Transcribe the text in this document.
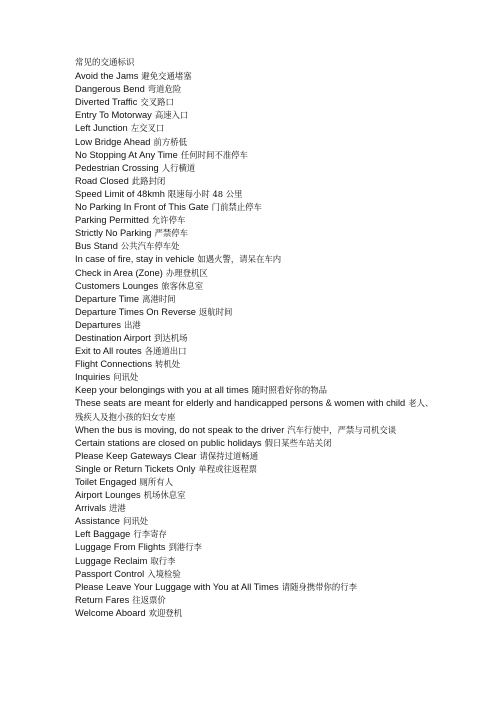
常见的交通标识
Avoid the Jams 避免交通堵塞
Dangerous Bend 弯道危险
Diverted Traffic 交叉路口
Entry To Motorway 高速入口
Left Junction 左交叉口
Low Bridge Ahead 前方桥低
No Stopping At Any Time 任何时间不准停车
Pedestrian Crossing 人行横道
Road Closed 此路封闭
Speed Limit of 48kmh 限速每小时 48 公里
No Parking In Front of This Gate 门前禁止停车
Parking Permitted 允许停车
Strictly No Parking 严禁停车
Bus Stand 公共汽车停车处
In case of fire, stay in vehicle 如遇火警，请呆在车内
Check in Area (Zone) 办理登机区
Customers Lounges 旅客休息室
Departure Time 离港时间
Departure Times On Reverse 返航时间
Departures 出港
Destination Airport 到达机场
Exit to All routes 各通道出口
Flight Connections 转机处
Inquiries 问讯处
Keep your belongings with you at all times 随时照看好你的物品
These seats are meant for elderly and handicapped persons & women with child 老人、残疾人及抱小孩的妇女专座
When the bus is moving, do not speak to the driver 汽车行使中，严禁与司机交谈
Certain stations are closed on public holidays 假日某些车站关闭
Please Keep Gateways Clear 请保持过道畅通
Single or Return Tickets Only 单程或往返程票
Toilet Engaged 厕所有人
Airport Lounges 机场休息室
Arrivals 进港
Assistance 问讯处
Left Baggage 行李寄存
Luggage From Flights 到港行李
Luggage Reclaim 取行李
Passport Control 入境检验
Please Leave Your Luggage with You at All Times 请随身携带你的行李
Return Fares 往返票价
Welcome Aboard 欢迎登机
